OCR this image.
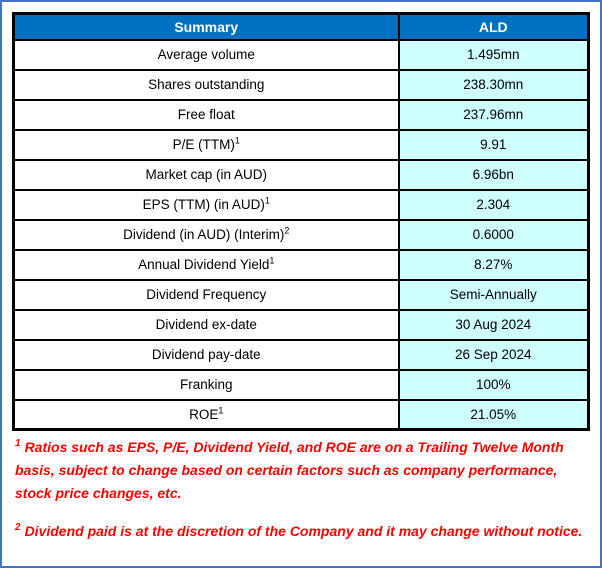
Summary	ALD
Average volume	1.495mn
Shares outstanding	238.30mn
Free float	237.96mn
P/E (TTM)$^1$	9.91
Market cap (in AUD)	6.96bn
EPS (TTM) (in AUD)$^1$	2.304
Dividend (in AUD) (Interim)$^2$	0.6000
Annual Dividend Yield$^1$	8.27%
Dividend Frequency	Semi-Annually
Dividend ex-date	30 Aug 2024
Dividend pay-date	26 Sep 2024
Franking	100%
ROE$^1$	21.05%

$^1$ Ratios such as EPS, P/E, Dividend Yield, and ROE are on a Trailing Twelve Month basis, subject to change based on certain factors such as company performance, stock price changes, etc.

$^2$ Dividend paid is at the discretion of the Company and it may change without notice.
